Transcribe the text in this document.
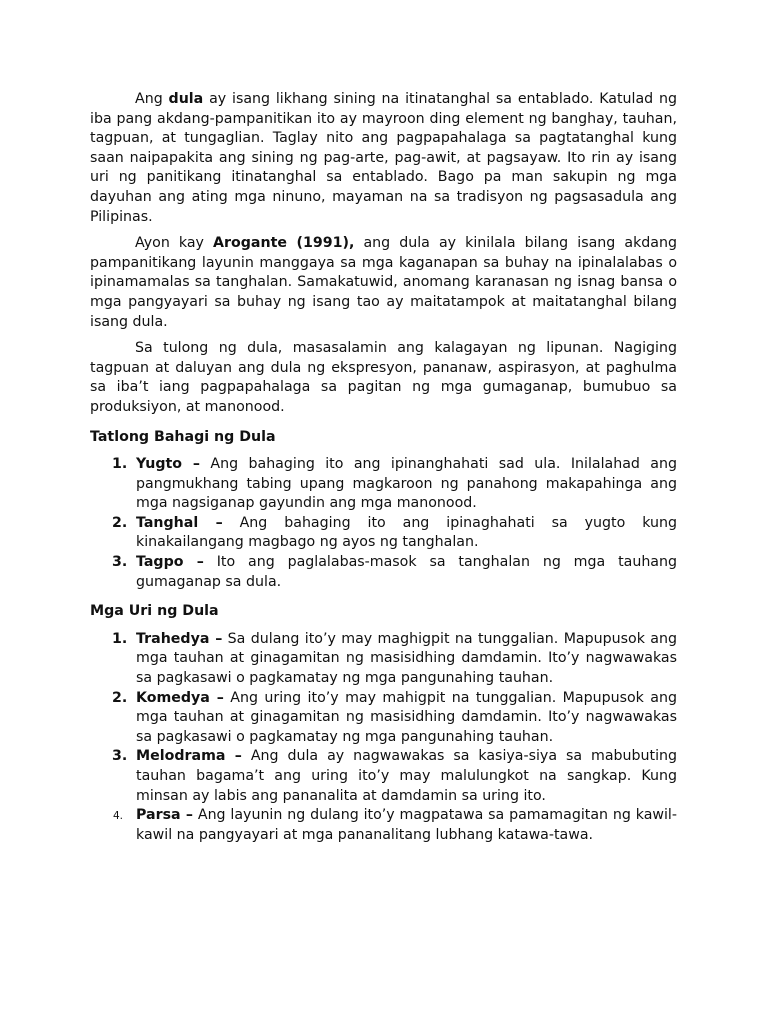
Ang dula ay isang likhang sining na itinatanghal sa entablado. Katulad ng iba pang akdang-pampanitikan ito ay mayroon ding element ng banghay, tauhan, tagpuan, at tungaglian. Taglay nito ang pagpapahalaga sa pagtatanghal kung saan naipapakita ang sining ng pag-arte, pag-awit, at pagsayaw. Ito rin ay isang uri ng panitikang itinatanghal sa entablado. Bago pa man sakupin ng mga dayuhan ang ating mga ninuno, mayaman na sa tradisyon ng pagsasadula ang Pilipinas.

Ayon kay Arogante (1991), ang dula ay kinilala bilang isang akdang pampanitikang layunin manggaya sa mga kaganapan sa buhay na ipinalalabas o ipinamamalas sa tanghalan. Samakatuwid, anomang karanasan ng isnag bansa o mga pangyayari sa buhay ng isang tao ay maitatampok at maitatanghal bilang isang dula.

Sa tulong ng dula, masasalamin ang kalagayan ng lipunan. Nagiging tagpuan at daluyan ang dula ng ekspresyon, pananaw, aspirasyon, at paghulma sa iba’t iang pagpapahalaga sa pagitan ng mga gumaganap, bumubuo sa produksiyon, at manonood.

Tatlong Bahagi ng Dula
1. Yugto – Ang bahaging ito ang ipinanghahati sad ula. Inilalahad ang pangmukhang tabing upang magkaroon ng panahong makapahinga ang mga nagsiganap gayundin ang mga manonood.
2. Tanghal – Ang bahaging ito ang ipinaghahati sa yugto kung kinakailangang magbago ng ayos ng tanghalan.
3. Tagpo – Ito ang paglalabas-masok sa tanghalan ng mga tauhang gumaganap sa dula.
Mga Uri ng Dula
1. Trahedya – Sa dulang ito’y may maghigpit na tunggalian. Mapupusok ang mga tauhan at ginagamitan ng masisidhing damdamin. Ito’y nagwawakas sa pagkasawi o pagkamatay ng mga pangunahing tauhan.
2. Komedya – Ang uring ito’y may mahigpit na tunggalian. Mapupusok ang mga tauhan at ginagamitan ng masisidhing damdamin. Ito’y nagwawakas sa pagkasawi o pagkamatay ng mga pangunahing tauhan.
3. Melodrama – Ang dula ay nagwawakas sa kasiya-siya sa mabubuting tauhan bagama’t ang uring ito’y may malulungkot na sangkap. Kung minsan ay labis ang pananalita at damdamin sa uring ito.
4. Parsa – Ang layunin ng dulang ito’y magpatawa sa pamamagitan ng kawil-kawil na pangyayari at mga pananalitang lubhang katawa-tawa.
